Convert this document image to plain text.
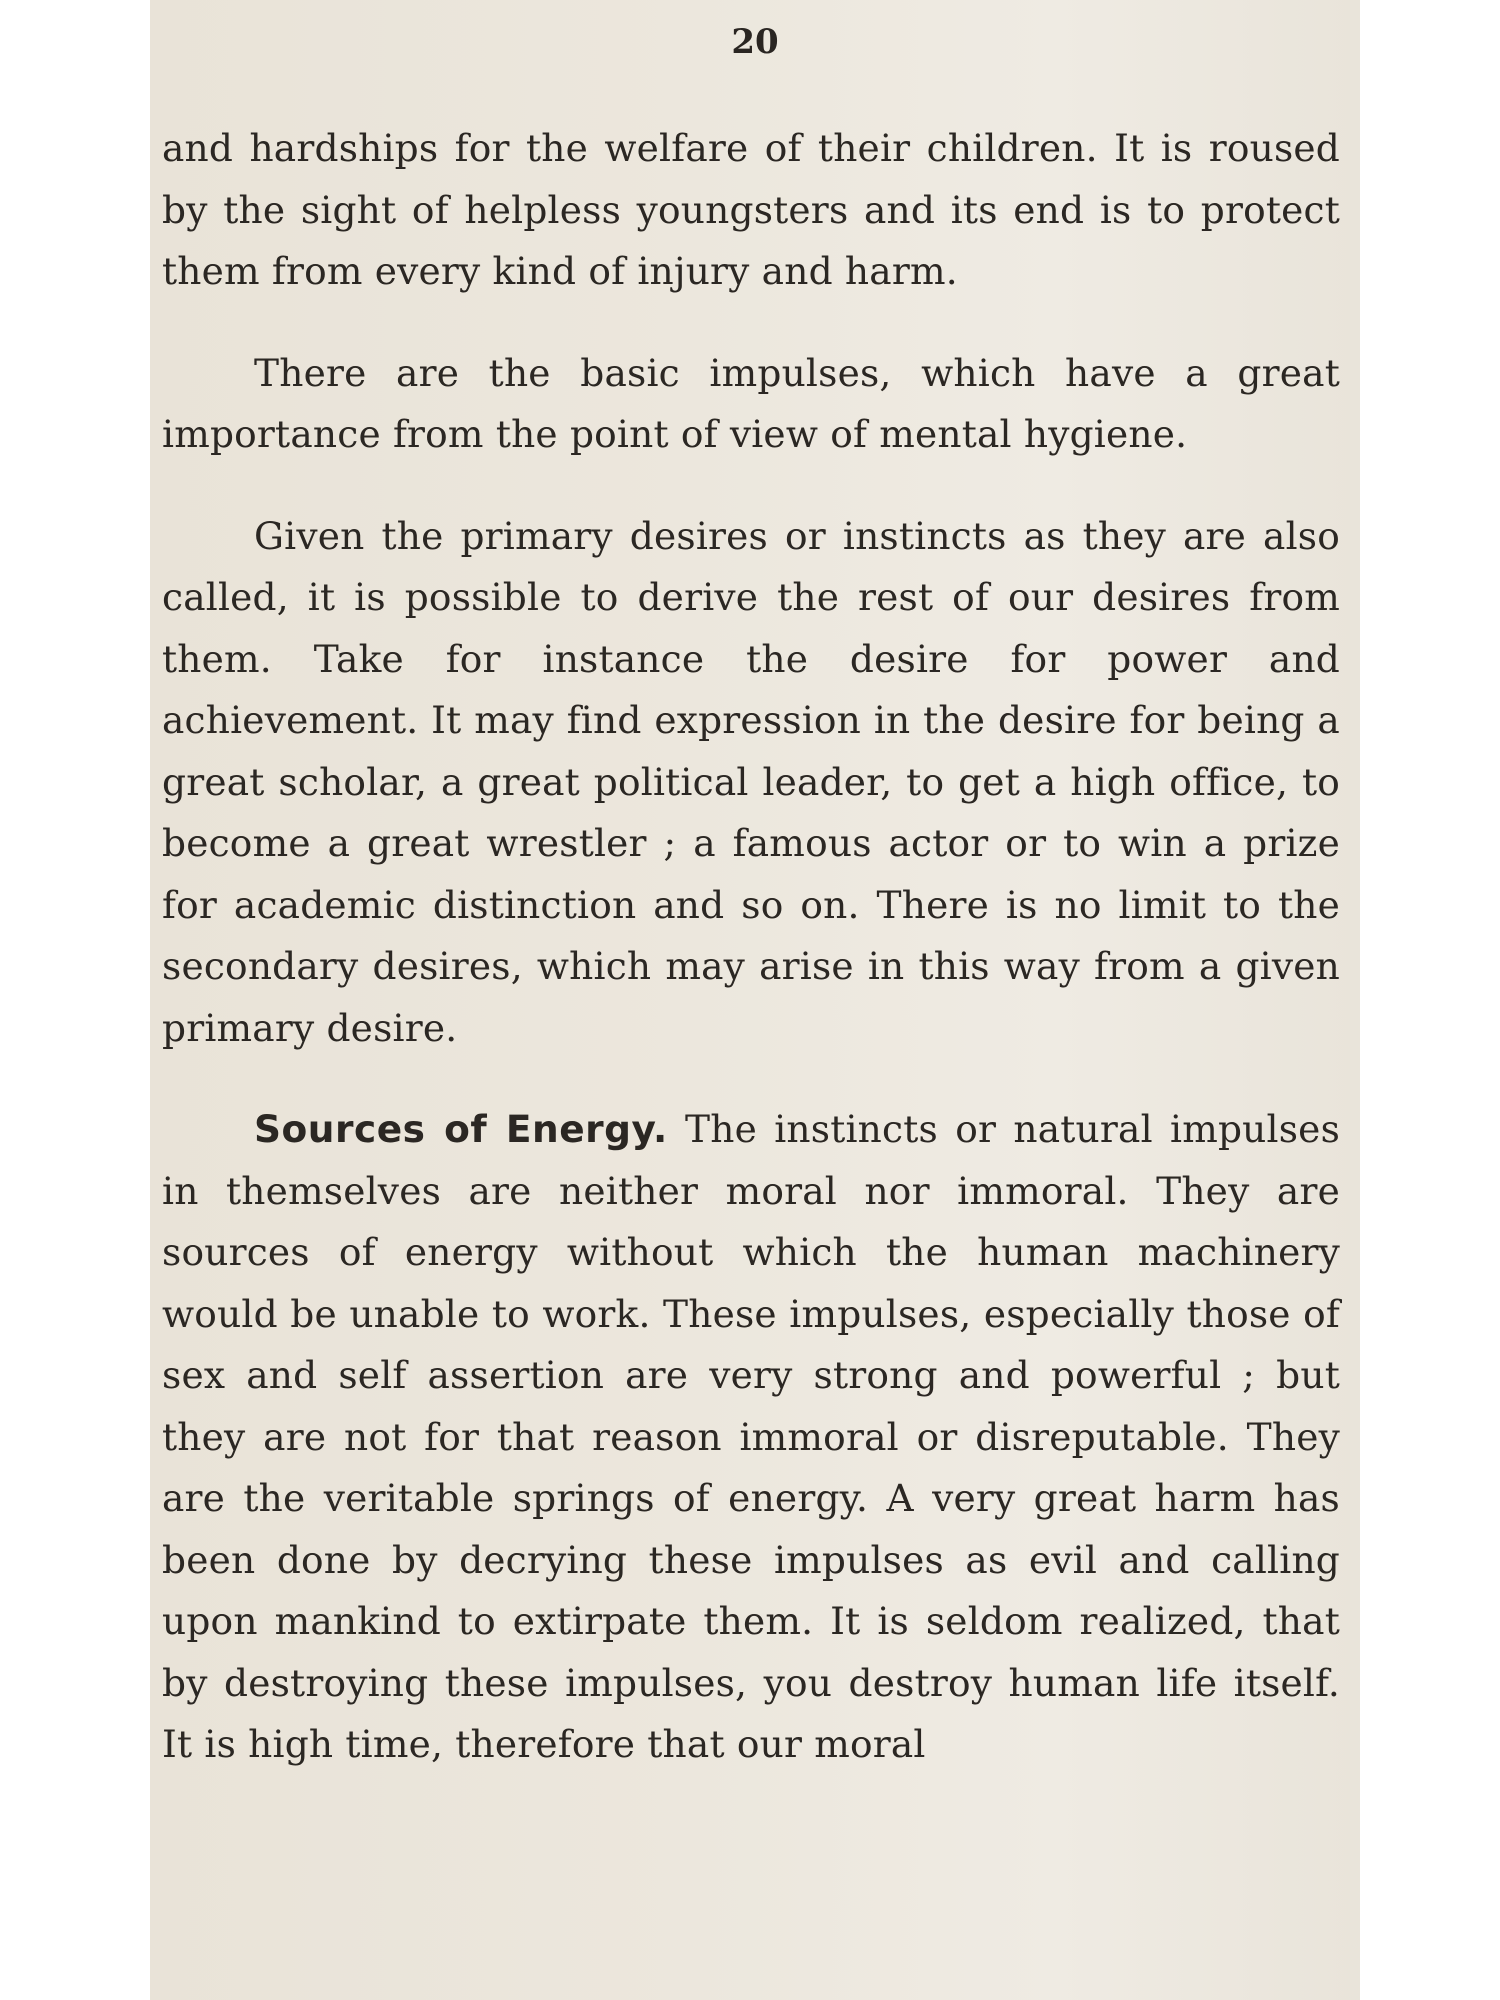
20

and hardships for the welfare of their children. It is roused by the sight of helpless youngsters and its end is to protect them from every kind of injury and harm.

There are the basic impulses, which have a great importance from the point of view of mental hygiene.

Given the primary desires or instincts as they are also called, it is possible to derive the rest of our desires from them. Take for instance the desire for power and achievement. It may find expression in the desire for being a great scholar, a great political leader, to get a high office, to become a great wrestler ; a famous actor or to win a prize for academic distinction and so on. There is no limit to the secondary desires, which may arise in this way from a given primary desire.

Sources of Energy. The instincts or natural impulses in themselves are neither moral nor immoral. They are sources of energy without which the human machinery would be unable to work. These impulses, especially those of sex and self assertion are very strong and powerful ; but they are not for that reason immoral or disreputable. They are the veritable springs of energy. A very great harm has been done by decrying these impulses as evil and calling upon mankind to extirpate them. It is seldom realized, that by destroying these impulses, you destroy human life itself. It is high time, therefore that our moral
